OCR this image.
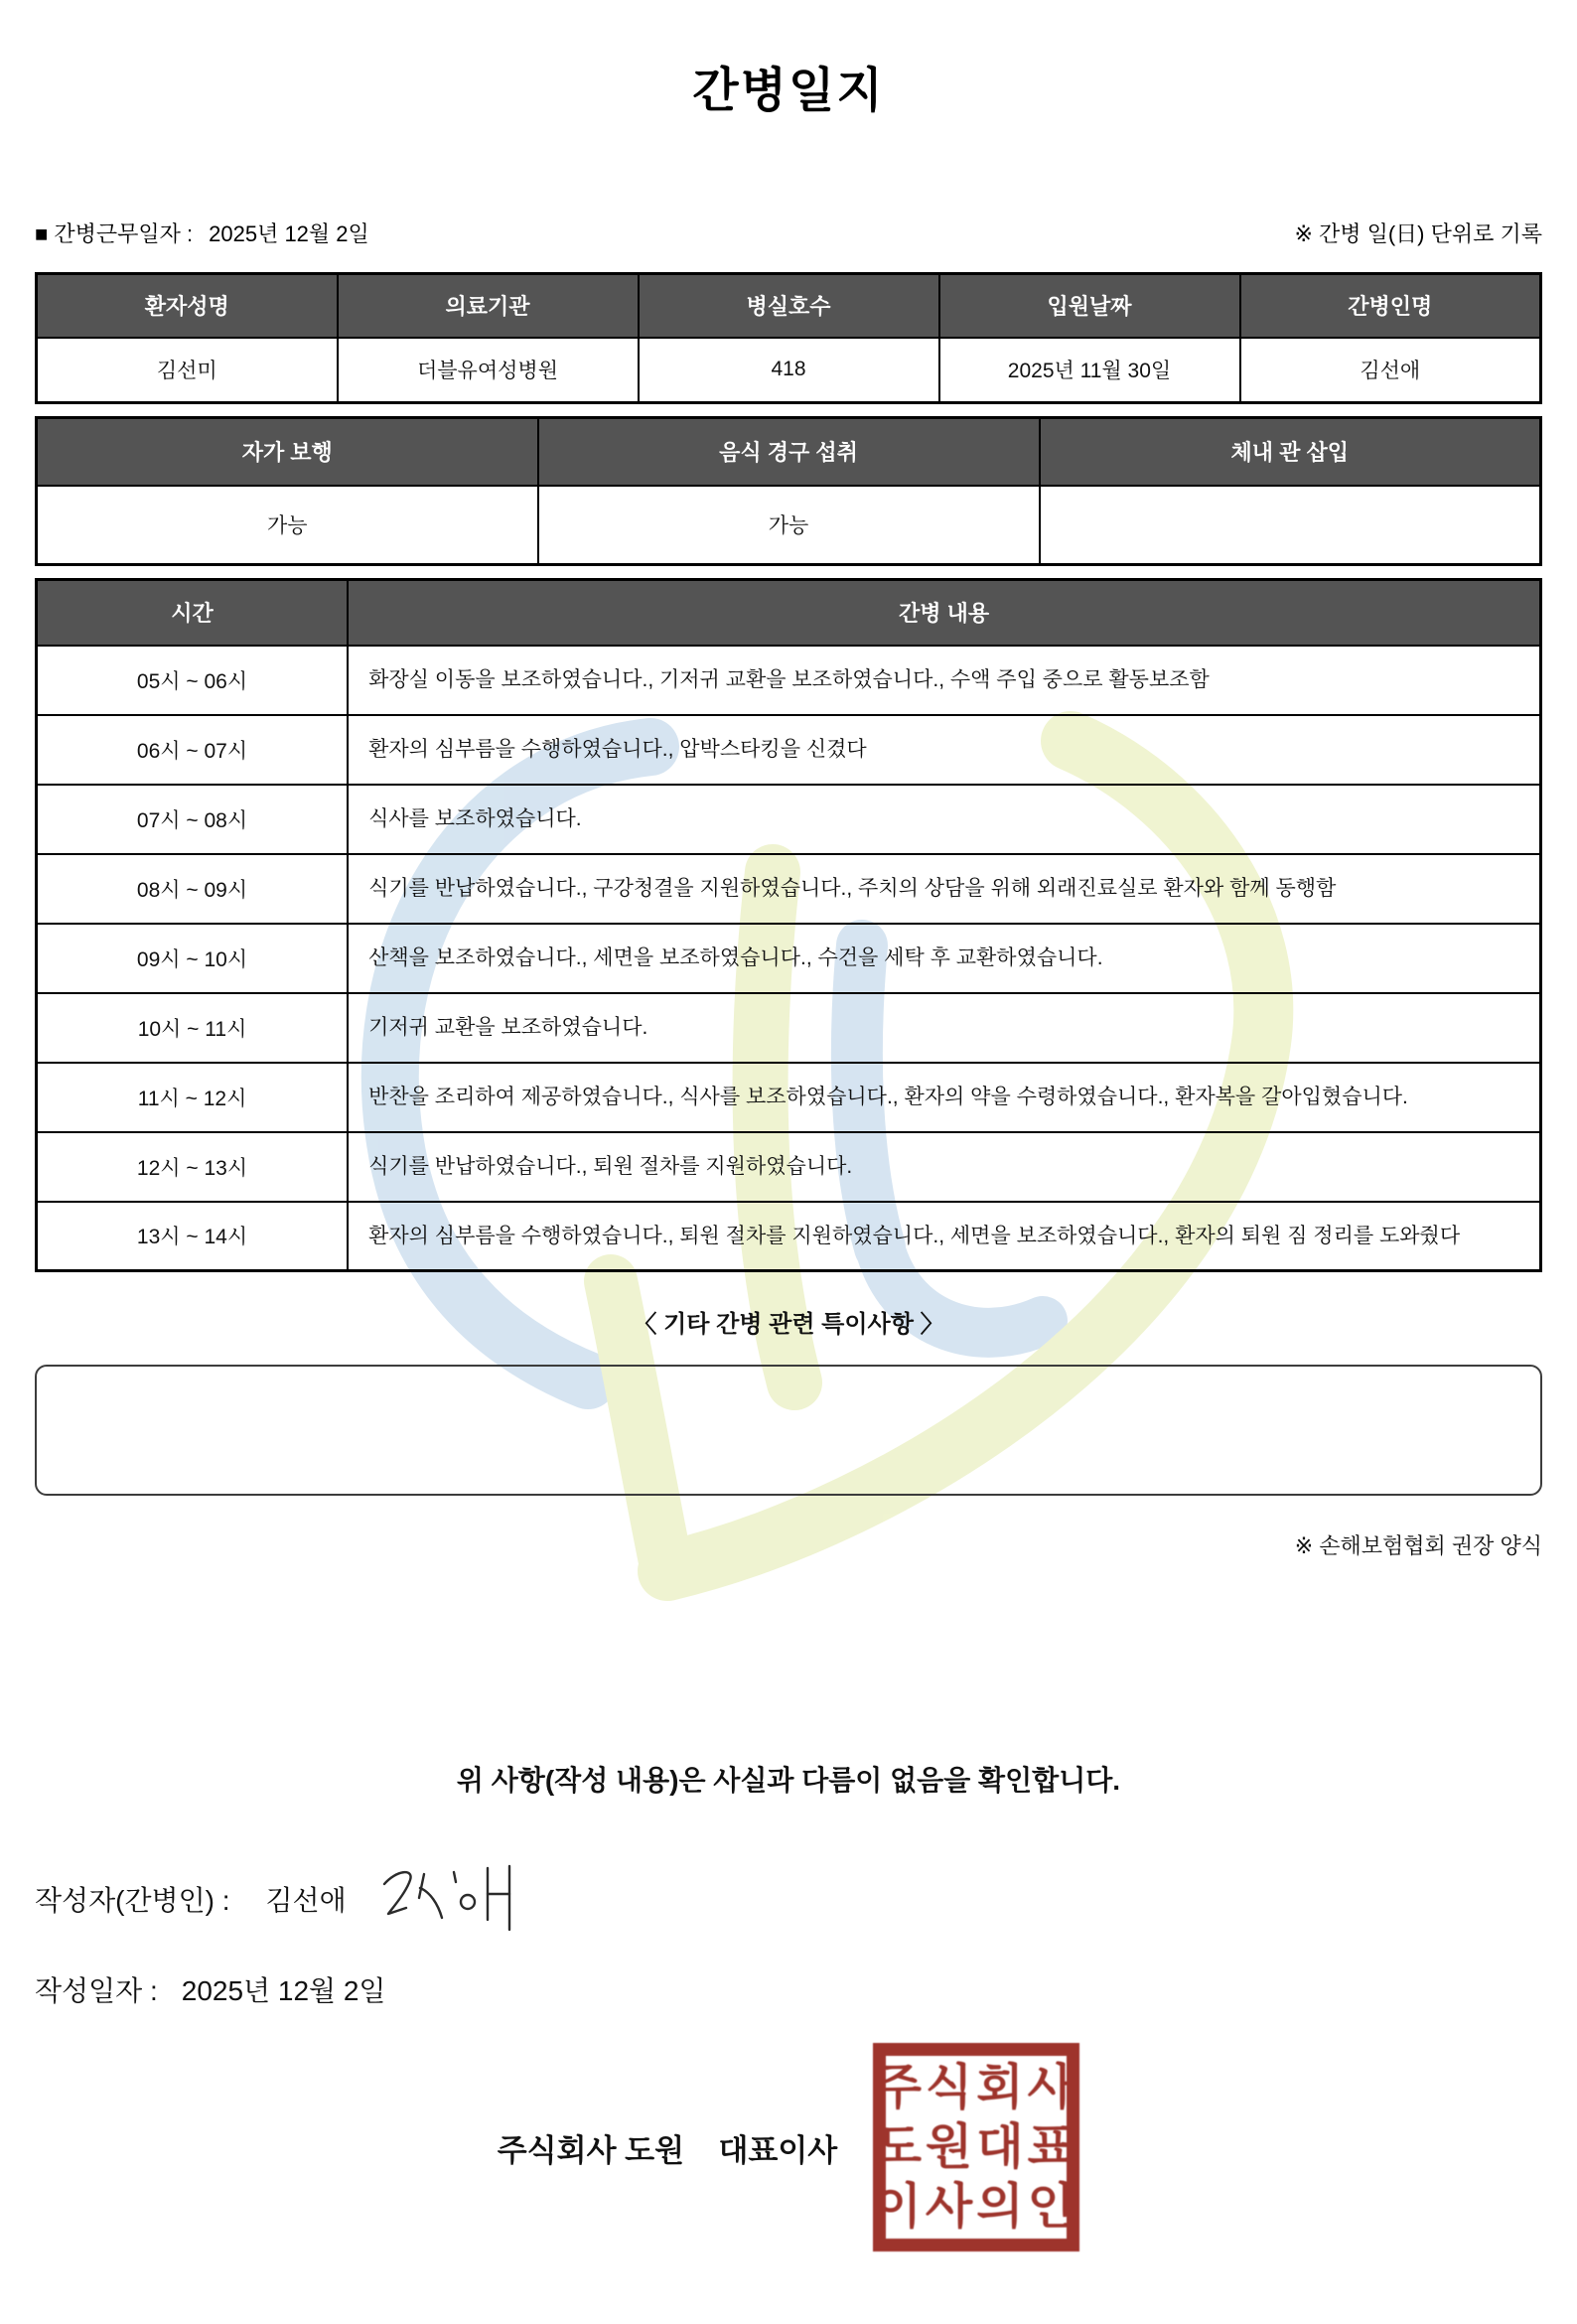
간병일지
■ 간병근무일자 : 2025년 12월 2일	※ 간병 일(日) 단위로 기록
환자성명	의료기관	병실호수	입원날짜	간병인명
김선미	더블유여성병원	418	2025년 11월 30일	김선애
자가 보행	음식 경구 섭취	체내 관 삽입
가능	가능	
시간	간병 내용
05시 ~ 06시	화장실 이동을 보조하였습니다., 기저귀 교환을 보조하였습니다., 수액 주입 중으로 활동보조함
06시 ~ 07시	환자의 심부름을 수행하였습니다., 압박스타킹을 신겼다
07시 ~ 08시	식사를 보조하였습니다.
08시 ~ 09시	식기를 반납하였습니다., 구강청결을 지원하였습니다., 주치의 상담을 위해 외래진료실로 환자와 함께 동행함
09시 ~ 10시	산책을 보조하였습니다., 세면을 보조하였습니다., 수건을 세탁 후 교환하였습니다.
10시 ~ 11시	기저귀 교환을 보조하였습니다.
11시 ~ 12시	반찬을 조리하여 제공하였습니다., 식사를 보조하였습니다., 환자의 약을 수령하였습니다., 환자복을 갈아입혔습니다.
12시 ~ 13시	식기를 반납하였습니다., 퇴원 절차를 지원하였습니다.
13시 ~ 14시	환자의 심부름을 수행하였습니다., 퇴원 절차를 지원하였습니다., 세면을 보조하였습니다., 환자의 퇴원 짐 정리를 도와줬다
〈 기타 간병 관련 특이사항 〉
※ 손해보험협회 권장 양식
위 사항(작성 내용)은 사실과 다름이 없음을 확인합니다.
작성자(간병인) : 김선애
작성일자 : 2025년 12월 2일
주식회사 도원    대표이사
주식회사
도원대표
이사의인
